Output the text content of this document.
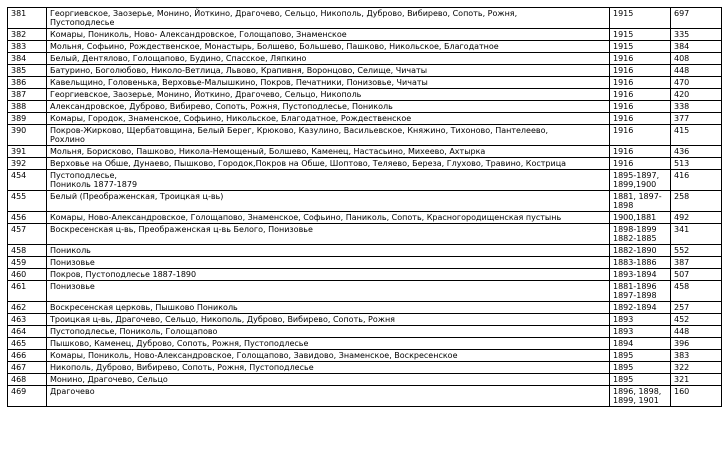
381	Георгиевское, Заозерье, Монино, Йоткино, Драгочево, Сельцо, Никополь, Дуброво, Вибирево, Сопоть, Рожня,
Пустоподлесье	1915	697
382	Комары, Пониколь, Ново- Александровское, Голощапово, Знаменское	1915	335
383	Мольня, Софьино, Рождественское, Монастырь, Болшево, Большево, Пашково, Никольское, Благодатное	1915	384
384	Белый, Дентялово, Голощапово, Будино, Спасское, Ляпкино	1916	408
385	Батурино, Боголюбово, Николо-Ветлица, Львово, Крапивня, Воронцово, Селище, Чичаты	1916	448
386	Кавельщино, Головенька, Верховье-Малышкино, Покров, Печатники, Понизовье, Чичаты	1916	470
387	Георгиевское, Заозерье, Монино, Йоткино, Драгочево, Сельцо, Никополь	1916	420
388	Александровское, Дуброво, Вибирево, Сопоть, Рожня, Пустоподлесье, Пониколь	1916	338
389	Комары, Городок, Знаменское, Софьино, Никольское, Благодатное, Рождественское	1916	377
390	Покров-Жирково, Щербатовщина, Белый Берег, Крюково, Казулино, Васильевское, Княжино, Тихоново, Пантелеево,
Рохлино	1916	415
391	Мольня, Борисково, Пашково, Никола-Немощеный, Болшево, Каменец, Настасьино, Михеево, Ахтырка	1916	436
392	Верховье на Обше, Дунаево, Пышково, Городок,Покров на Обше, Шоптово, Теляево, Береза, Глухово, Травино, Кострица	1916	513
454	Пустоподлесье,
Пониколь 1877-1879	1895-1897,
1899,1900	416
455	Белый (Преображенская, Троицкая ц-вь)	1881, 1897-
1898	258
456	Комары, Ново-Александровское, Голощапово, Знаменское, Софьино, Паниколь, Сопоть, Красногородищенская пустынь	1900,1881	492
457	Воскресенская ц-вь, Преображенская ц-вь Белого, Понизовье	1898-1899
1882-1885	341
458	Пониколь	1882-1890	552
459	Понизовье	1883-1886	387
460	Покров, Пустоподлесье 1887-1890	1893-1894	507
461	Понизовье	1881-1896
1897-1898	458
462	Воскресенская церковь, Пышково Пониколь	1892-1894	257
463	Троицкая ц-вь, Драгочево, Сельцо, Никополь, Дуброво, Вибирево, Сопоть, Рожня	1893	452
464	Пустоподлесье, Пониколь, Голощапово	1893	448
465	Пышково, Каменец, Дуброво, Сопоть, Рожня, Пустоподлесье	1894	396
466	Комары, Пониколь, Ново-Александровское, Голощапово, Завидово, Знаменское, Воскресенское	1895	383
467	Никополь, Дуброво, Вибирево, Сопоть, Рожня, Пустоподлесье	1895	322
468	Монино, Драгочево, Сельцо	1895	321
469	Драгочево	1896, 1898,
1899, 1901	160
